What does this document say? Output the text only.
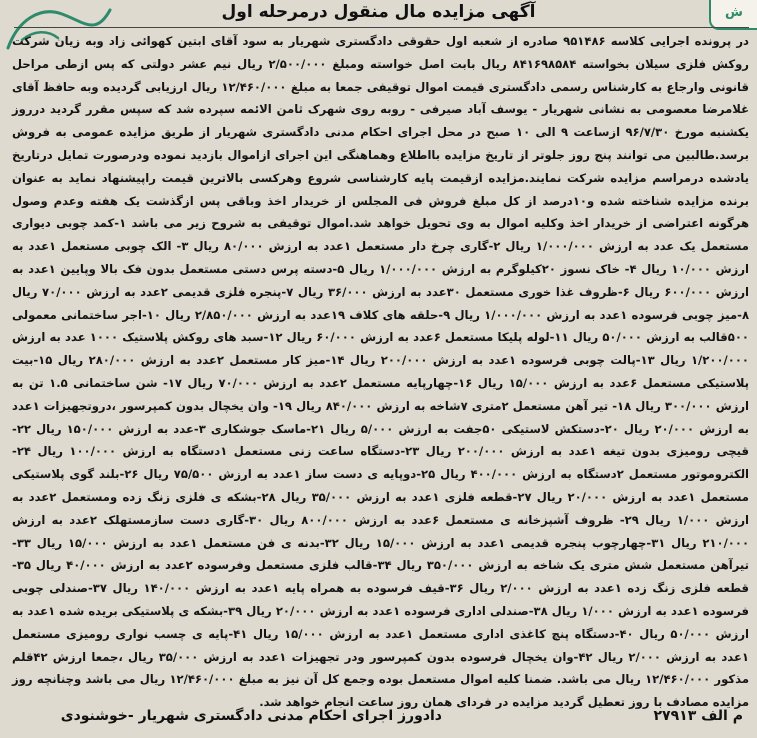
ش
آگهی مزایده مال منقول درمرحله اول

در پرونده اجرایی کلاسه ۹۵۱۴۸۶ صادره از شعبه اول حقوقی دادگستری شهریار به سود آقای ابتین کهوائی زاد وبه زیان شرکت روکش فلزی سیلان بخواسته ۸۴۱۶۹۸۵۸۴ ریال بابت اصل خواسته ومبلغ ۲/۵۰۰/۰۰۰ ریال نیم عشر دولتی که پس ازطی مراحل قانونی وارجاع به کارشناس رسمی دادگستری قیمت اموال توقیفی جمعا به مبلغ ۱۲/۴۶۰/۰۰۰ ریال ارزیابی گردیده وبه حافظ آقای غلامرضا معصومی به نشانی شهریار - یوسف آباد صیرفی - روبه روی شهرک ثامن الائمه سپرده شد که سپس مقرر گردید درروز یکشنبه مورخ ۹۶/۷/۳۰ ازساعت ۹ الی ۱۰ صبح در محل اجرای احکام مدنی دادگستری شهریار از طریق مزایده عمومی به فروش برسد.طالبین می توانند پنج روز جلوتر از تاریخ مزایده بااطلاع وهماهنگی این اجرای ازاموال بازدید نموده ودرصورت تمایل درتاریخ یادشده درمراسم مزایده شرکت نمایند.مزایده ازقیمت پایه کارشناسی شروع وهرکسی بالاترین قیمت راپیشنهاد نماید به عنوان برنده مزایده شناخته شده و۱۰درصد از کل مبلغ فروش فی المجلس از خریدار اخذ وباقی پس ازگذشت یک هفته وعدم وصول هرگونه اعتراضی از خریدار اخذ وکلیه اموال به وی تحویل خواهد شد.اموال توقیفی به شروح زیر می باشد ۱-کمد چوبی دیواری مستعمل یک عدد به ارزش ۱/۰۰۰/۰۰۰ ریال ۲-گاری چرخ دار مستعمل ۱عدد به ارزش ۸۰/۰۰۰ ریال ۳- الک چوبی مستعمل ۱عدد به ارزش ۱۰/۰۰۰ ریال ۴- خاک نسوز ۲۰کیلوگرم به ارزش ۱/۰۰۰/۰۰۰ ریال ۵-دسته پرس دستی مستعمل بدون فک بالا وپایین ۱عدد به ارزش ۶۰۰/۰۰۰ ریال ۶-ظروف غذا خوری مستعمل ۳۰عدد به ارزش ۳۶/۰۰۰ ریال ۷-پنجره فلزی قدیمی ۲عدد به ارزش ۷۰/۰۰۰ ریال ۸-میز چوبی فرسوده ۱عدد به ارزش ۱/۰۰۰/۰۰۰ ریال ۹-حلقه های کلاف ۱۹عدد به ارزش ۲/۸۵۰/۰۰۰ ریال ۱۰-اجر ساختمانی معمولی ۵۰۰قالب به ارزش ۵۰/۰۰۰ ریال ۱۱-لوله پلیکا مستعمل ۶عدد به ارزش ۶۰/۰۰۰ ریال ۱۲-سبد های روکش پلاستیک ۱۰۰۰ عدد به ارزش ۱/۲۰۰/۰۰۰ ریال ۱۳-پالت چوبی فرسوده ۱عدد به ارزش ۲۰۰/۰۰۰ ریال ۱۴-میز کار مستعمل ۲عدد به ارزش ۲۸۰/۰۰۰ ریال ۱۵-بیت پلاستیکی مستعمل ۶عدد به ارزش ۱۵/۰۰۰ ریال ۱۶-چهارپایه مستعمل ۲عدد به ارزش ۷۰/۰۰۰ ریال ۱۷- شن ساختمانی ۱.۵ تن به ارزش ۳۰۰/۰۰۰ ریال ۱۸- تیر آهن مستعمل ۲متری ۷شاخه به ارزش ۸۴۰/۰۰۰ ریال ۱۹- وان یخچال بدون کمپرسور ،دروتجهیزات ۱عدد به ارزش ۲۰/۰۰۰ ریال ۲۰-دستکش لاستیکی ۵۰جفت به ارزش ۵/۰۰۰ ریال ۲۱-ماسک جوشکاری ۳-عدد به ارزش ۱۵۰/۰۰۰ ریال ۲۲-قیچی رومیزی بدون تیغه ۱عدد به ارزش ۲۰۰/۰۰۰ ریال ۲۳-دستگاه ساعت زنی مستعمل ۱دستگاه به ارزش ۱۰۰/۰۰۰ ریال ۲۴-الکتروموتور مستعمل ۲دستگاه به ارزش ۴۰۰/۰۰۰ ریال ۲۵-دوپایه ی دست ساز ۱عدد به ارزش ۷۵/۵۰۰ ریال ۲۶-بلند گوی پلاستیکی مستعمل ۱عدد به ارزش ۲۰/۰۰۰ ریال ۲۷-قطعه فلزی ۱عدد به ارزش ۳۵/۰۰۰ ریال ۲۸-بشکه ی فلزی زنگ زده ومستعمل ۲عدد به ارزش ۱/۰۰۰ ریال ۲۹- ظروف آشپزخانه ی مستعمل ۶عدد به ارزش ۸۰۰/۰۰۰ ریال ۳۰-گاری دست سازمستهلک ۲عدد به ارزش ۲۱۰/۰۰۰ ریال ۳۱-چهارچوب پنجره قدیمی ۱عدد به ارزش ۱۵/۰۰۰ ریال ۳۲-بدنه ی فن مستعمل ۱عدد به ارزش ۱۵/۰۰۰ ریال ۳۳-تیرآهن مستعمل شش متری یک شاخه به ارزش ۳۵۰/۰۰۰ ریال ۳۴-قالب فلزی مستعمل وفرسوده ۲عدد به ارزش ۴۰/۰۰۰ ریال ۳۵-قطعه فلزی زنگ زده ۱عدد به ارزش ۲/۰۰۰ ریال ۳۶-قیف فرسوده به همراه پایه ۱عدد به ارزش ۱۴۰/۰۰۰ ریال ۳۷-صندلی چوبی فرسوده ۱عدد به ارزش ۱/۰۰۰ ریال ۳۸-صندلی اداری فرسوده ۱عدد به ارزش ۲۰/۰۰۰ ریال ۳۹-بشکه ی پلاستیکی بریده شده ۱عدد به ارزش ۵۰/۰۰۰ ریال ۴۰-دستگاه پنچ کاغذی اداری مستعمل ۱عدد به ارزش ۱۵/۰۰۰ ریال ۴۱-پایه ی چسب نواری رومیزی مستعمل ۱عدد به ارزش ۲/۰۰۰ ریال ۴۲-وان یخچال فرسوده بدون کمپرسور ودر تجهیزات ۱عدد به ارزش ۳۵/۰۰۰ ریال ،جمعا ارزش ۴۲قلم مذکور ۱۲/۴۶۰/۰۰۰ ریال می باشد. ضمنا کلیه اموال مستعمل بوده وجمع کل آن نیز به مبلغ ۱۲/۴۶۰/۰۰۰ ریال می باشد وچنانچه روز مزایده مصادف با روز تعطیل گردید مزایده در فردای همان روز ساعت انجام خواهد شد.

م الف ۲۷۹۱۳
دادورز اجرای احکام مدنی دادگستری شهریار -خوشنودی
